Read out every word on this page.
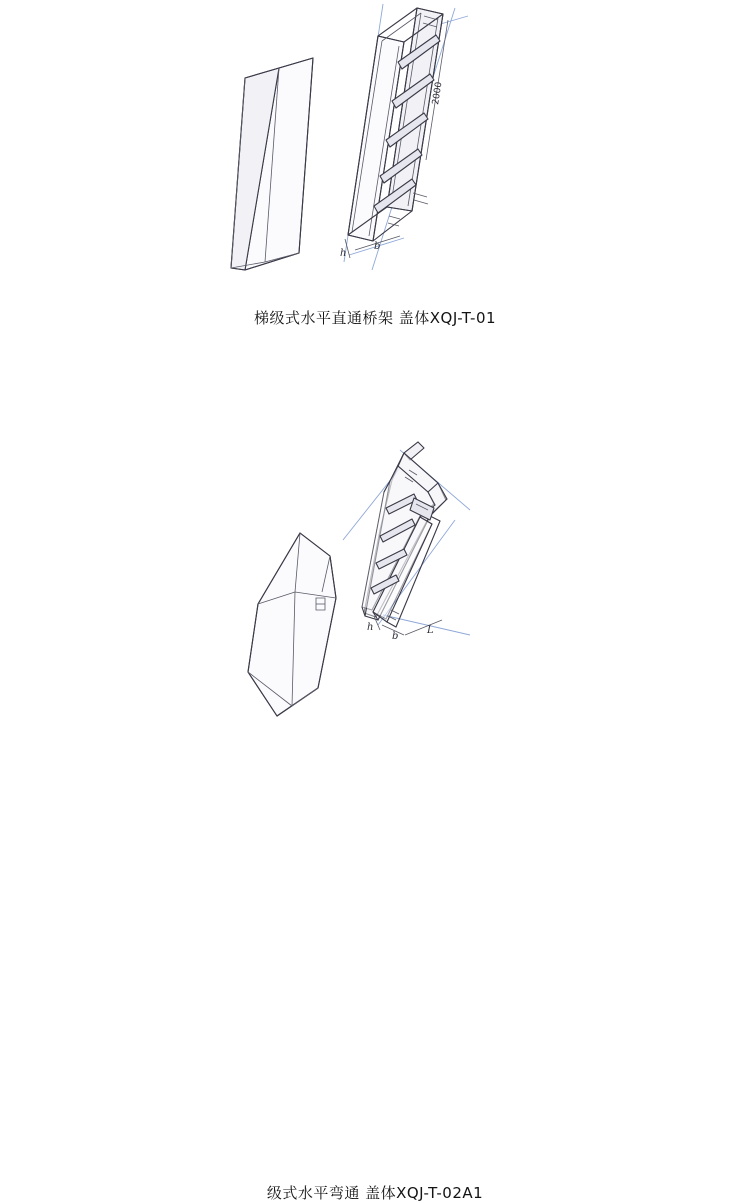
2000
b
h
梯级式水平直通桥架 盖体XQJ-T-01
L
b
h
级式水平弯通 盖体XQJ-T-02A1
